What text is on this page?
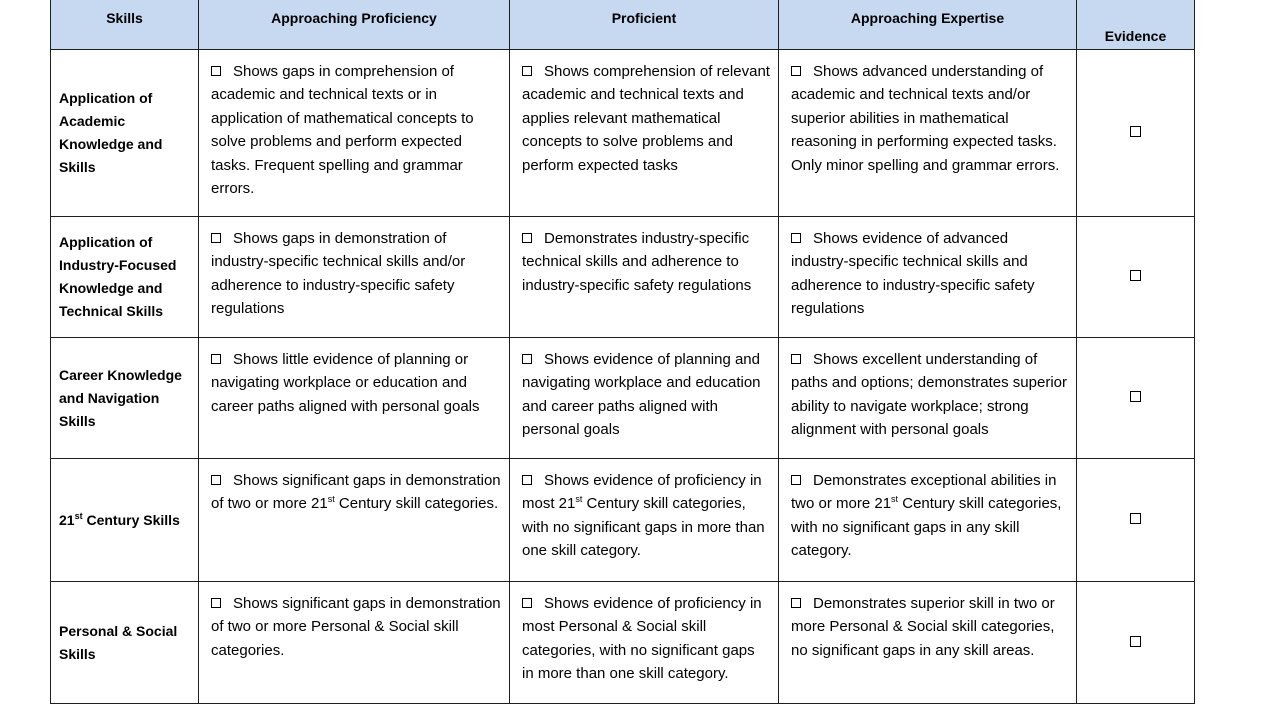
Skills	Approaching Proficiency	Proficient	Approaching Expertise	Evidence

Application of Academic Knowledge and Skills	Shows gaps in comprehension of academic and technical texts or in application of mathematical concepts to solve problems and perform expected tasks. Frequent spelling and grammar errors.	Shows comprehension of relevant academic and technical texts and applies relevant mathematical concepts to solve problems and perform expected tasks	Shows advanced understanding of academic and technical texts and/or superior abilities in mathematical reasoning in performing expected tasks. Only minor spelling and grammar errors.	
Application of Industry-Focused Knowledge and Technical Skills	Shows gaps in demonstration of industry-specific technical skills and/or adherence to industry-specific safety regulations	Demonstrates industry-specific technical skills and adherence to industry-specific safety regulations	Shows evidence of advanced industry-specific technical skills and adherence to industry-specific safety regulations	
Career Knowledge and Navigation Skills	Shows little evidence of planning or navigating workplace or education and career paths aligned with personal goals	Shows evidence of planning and navigating workplace and education and career paths aligned with personal goals	Shows excellent understanding of paths and options; demonstrates superior ability to navigate workplace; strong alignment with personal goals	
21st Century Skills	Shows significant gaps in demonstration of two or more 21st Century skill categories.	Shows evidence of proficiency in most 21st Century skill categories, with no significant gaps in more than one skill category.	Demonstrates exceptional abilities in two or more 21st Century skill categories, with no significant gaps in any skill category.	
Personal & Social Skills	Shows significant gaps in demonstration of two or more Personal & Social skill categories.	Shows evidence of proficiency in most Personal & Social skill categories, with no significant gaps in more than one skill category.	Demonstrates superior skill in two or more Personal & Social skill categories, no significant gaps in any skill areas.	
